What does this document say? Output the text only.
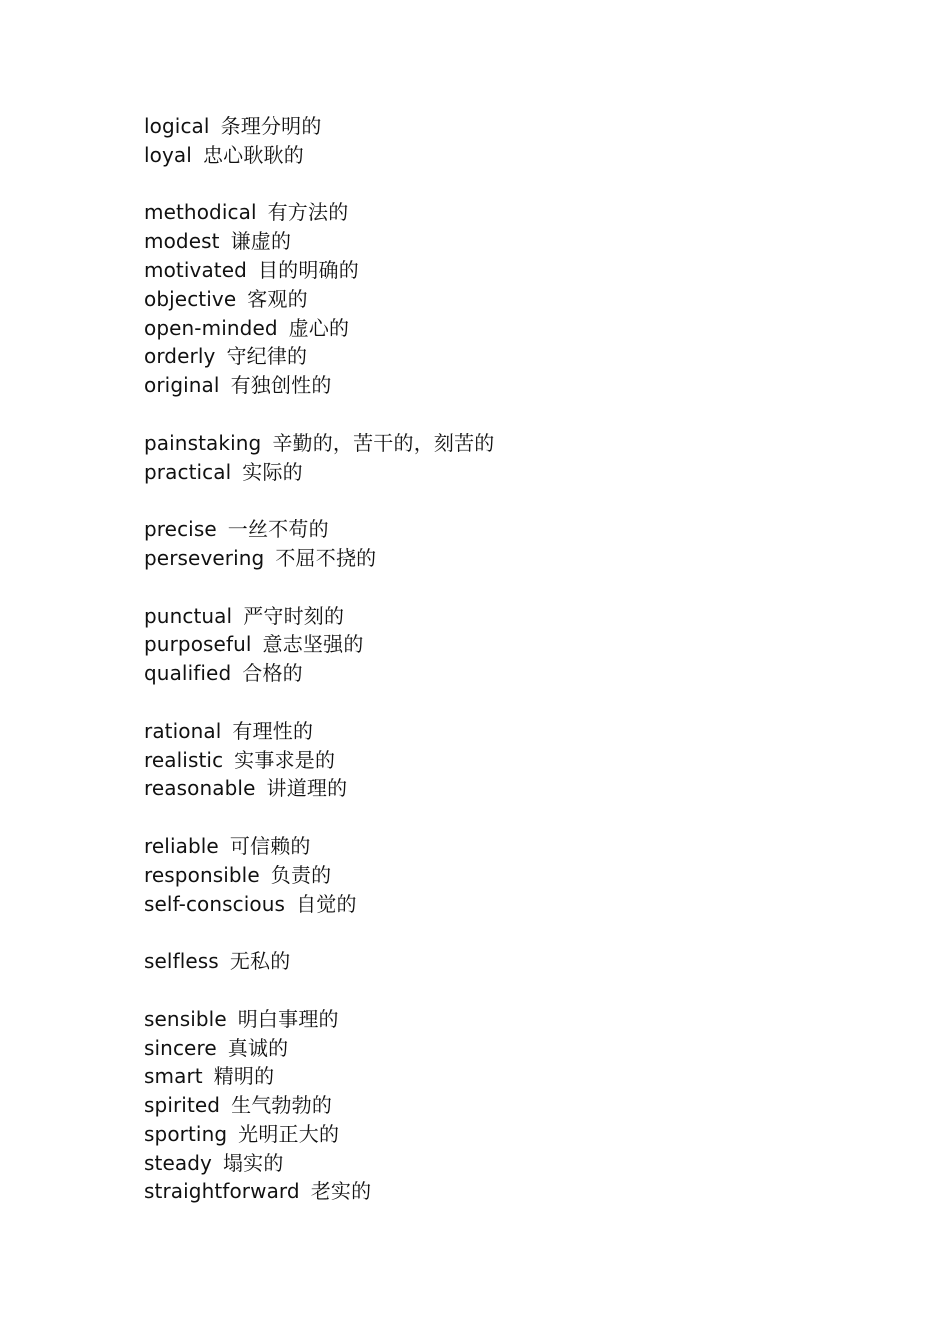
logical 条理分明的
loyal 忠心耿耿的
methodical 有方法的
modest 谦虚的
motivated 目的明确的
objective 客观的
open-minded 虚心的
orderly 守纪律的
original 有独创性的
painstaking 辛勤的，苦干的，刻苦的
practical 实际的
precise 一丝不苟的
persevering 不屈不挠的
punctual 严守时刻的
purposeful 意志坚强的
qualified 合格的
rational 有理性的
realistic 实事求是的
reasonable 讲道理的
reliable 可信赖的
responsible 负责的
self-conscious 自觉的
selfless 无私的
sensible 明白事理的
sincere 真诚的
smart 精明的
spirited 生气勃勃的
sporting 光明正大的
steady 塌实的
straightforward 老实的
